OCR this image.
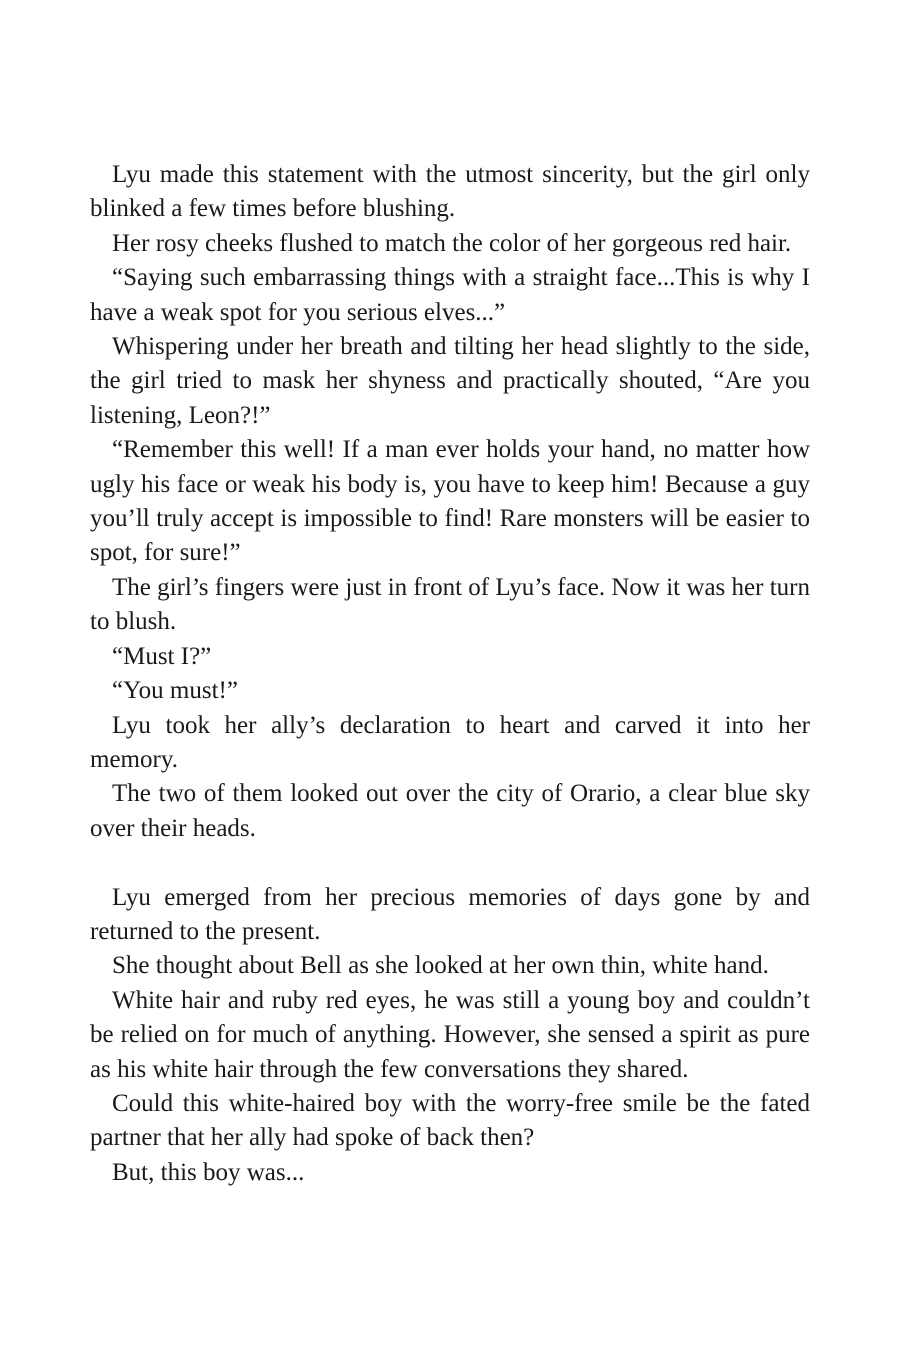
Lyu made this statement with the utmost sincerity, but the girl only blinked a few times before blushing.

Her rosy cheeks flushed to match the color of her gorgeous red hair.

“Saying such embarrassing things with a straight face...This is why I have a weak spot for you serious elves...”

Whispering under her breath and tilting her head slightly to the side, the girl tried to mask her shyness and practically shouted, “Are you listening, Leon?!”

“Remember this well! If a man ever holds your hand, no matter how ugly his face or weak his body is, you have to keep him! Because a guy you’ll truly accept is impossible to find! Rare monsters will be easier to spot, for sure!”

The girl’s fingers were just in front of Lyu’s face. Now it was her turn to blush.

“Must I?”

“You must!”

Lyu took her ally’s declaration to heart and carved it into her memory.

The two of them looked out over the city of Orario, a clear blue sky over their heads.

Lyu emerged from her precious memories of days gone by and returned to the present.

She thought about Bell as she looked at her own thin, white hand.

White hair and ruby red eyes, he was still a young boy and couldn’t be relied on for much of anything. However, she sensed a spirit as pure as his white hair through the few conversations they shared.

Could this white-haired boy with the worry-free smile be the fated partner that her ally had spoke of back then?

But, this boy was...
